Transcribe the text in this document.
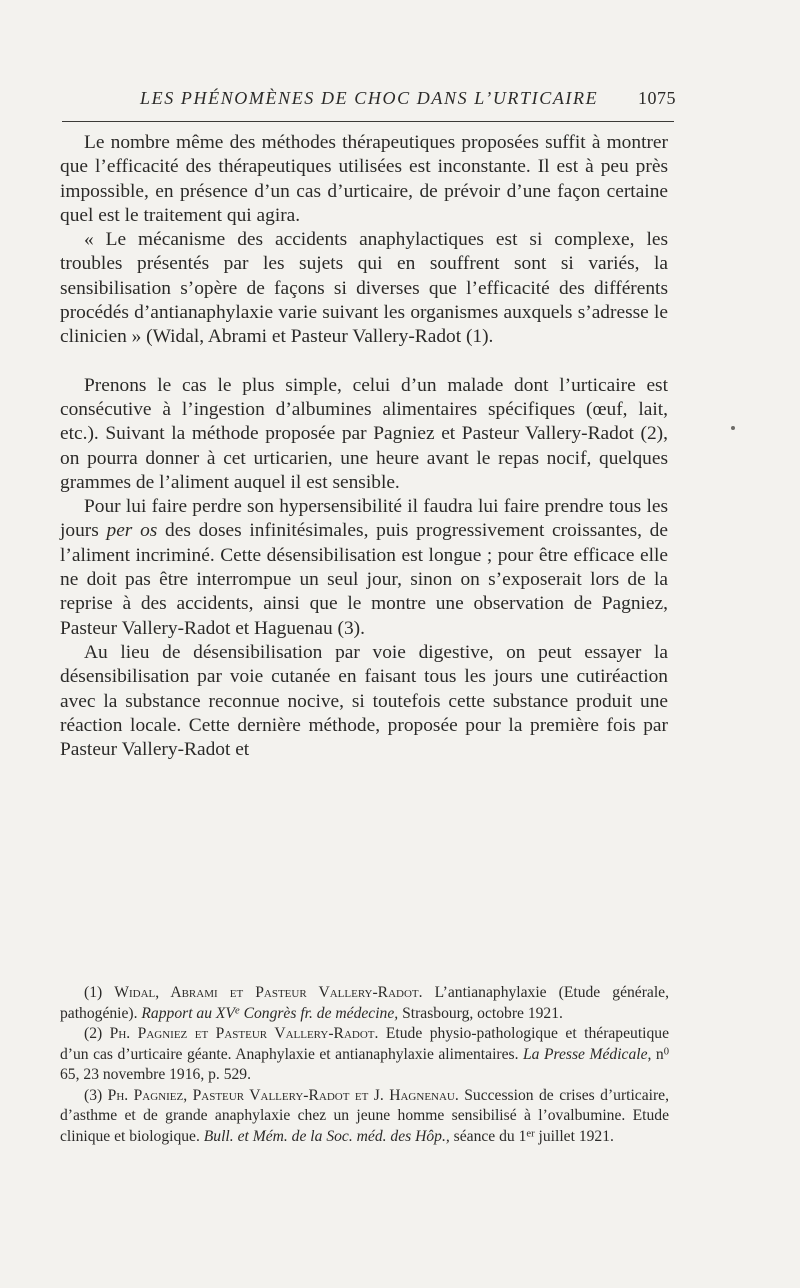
LES PHÉNOMÈNES DE CHOC DANS L’URTICAIRE 1075

Le nombre même des méthodes thérapeutiques proposées suffit à montrer que l’efficacité des thérapeutiques utilisées est inconstante. Il est à peu près impossible, en présence d’un cas d’urticaire, de prévoir d’une façon certaine quel est le traitement qui agira.

« Le mécanisme des accidents anaphylactiques est si complexe, les troubles présentés par les sujets qui en souffrent sont si variés, la sensibilisation s’opère de façons si diverses que l’efficacité des différents procédés d’antianaphylaxie varie suivant les organismes auxquels s’adresse le clinicien » (Widal, Abrami et Pasteur Vallery-Radot (1).

Prenons le cas le plus simple, celui d’un malade dont l’urticaire est consécutive à l’ingestion d’albumines alimentaires spécifiques (œuf, lait, etc.). Suivant la méthode proposée par Pagniez et Pasteur Vallery-Radot (2), on pourra donner à cet urticarien, une heure avant le repas nocif, quelques grammes de l’aliment auquel il est sensible.

Pour lui faire perdre son hypersensibilité il faudra lui faire prendre tous les jours per os des doses infinitésimales, puis progressivement croissantes, de l’aliment incriminé. Cette désensibilisation est longue ; pour être efficace elle ne doit pas être interrompue un seul jour, sinon on s’exposerait lors de la reprise à des accidents, ainsi que le montre une observation de Pagniez, Pasteur Vallery-Radot et Haguenau (3).

Au lieu de désensibilisation par voie digestive, on peut essayer la désensibilisation par voie cutanée en faisant tous les jours une cutiréaction avec la substance reconnue nocive, si toutefois cette substance produit une réaction locale. Cette dernière méthode, proposée pour la première fois par Pasteur Vallery-Radot et

(1) Widal, Abrami et Pasteur Vallery-Radot. L’antianaphylaxie (Etude générale, pathogénie). Rapport au XVe Congrès fr. de médecine, Strasbourg, octobre 1921.

(2) Ph. Pagniez et Pasteur Vallery-Radot. Etude physio-pathologique et thérapeutique d’un cas d’urticaire géante. Anaphylaxie et antianaphylaxie alimentaires. La Presse Médicale, $n^0$ 65, 23 novembre 1916, p. 529.

(3) Ph. Pagniez, Pasteur Vallery-Radot et J. Hagnenau. Succession de crises d’urticaire, d’asthme et de grande anaphylaxie chez un jeune homme sensibilisé à l’ovalbumine. Etude clinique et biologique. Bull. et Mém. de la Soc. méd. des Hôp., séance du 1er juillet 1921.
